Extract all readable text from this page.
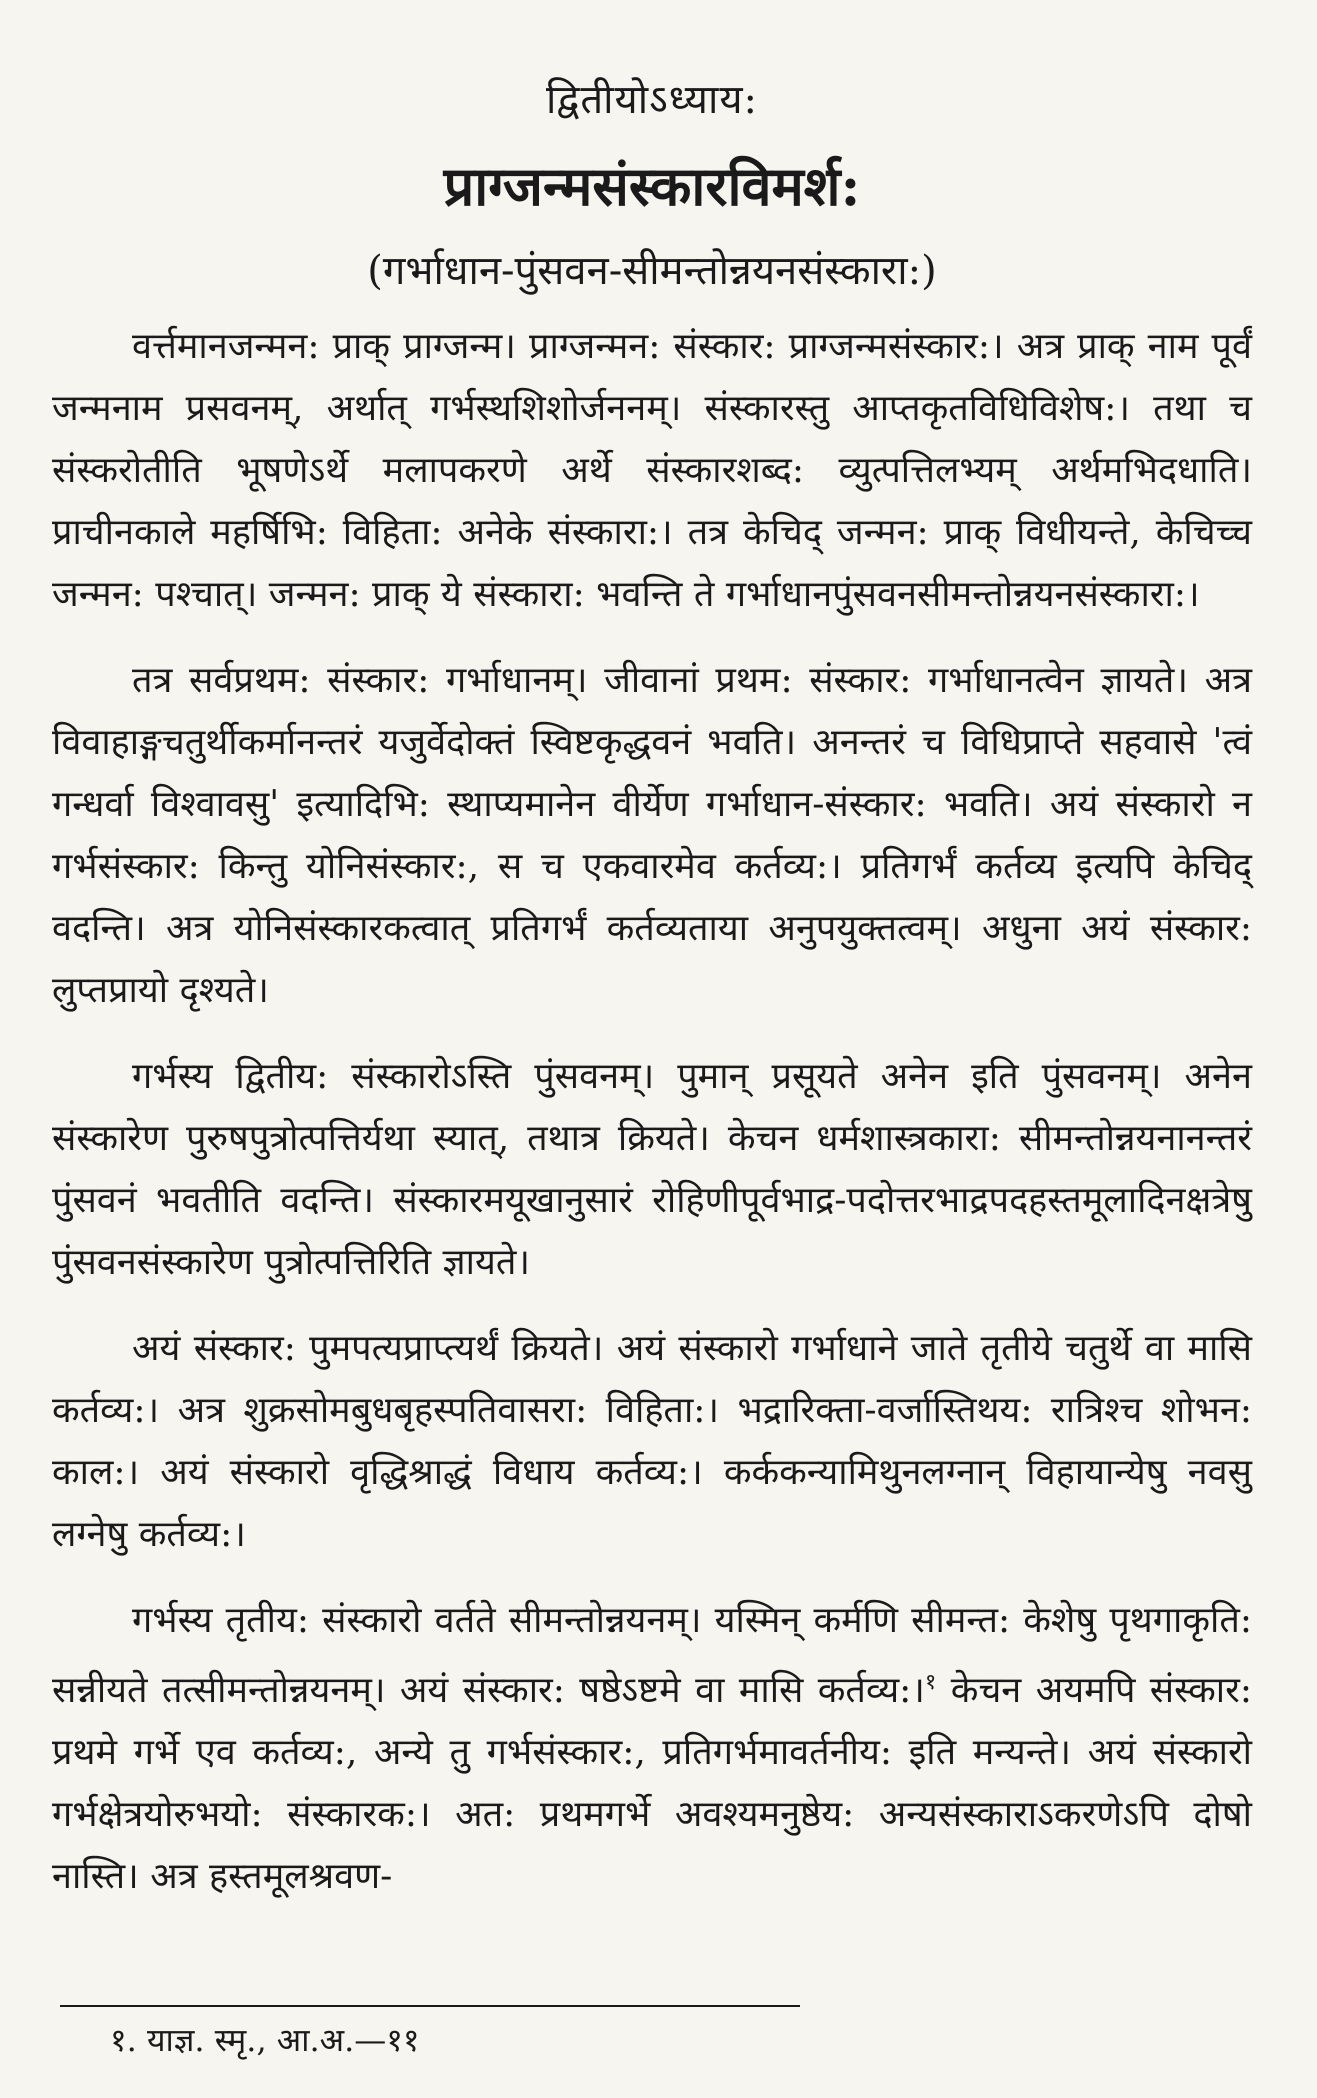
द्वितीयोऽध्याय:
प्राग्जन्मसंस्कारविमर्श:
(गर्भाधान-पुंसवन-सीमन्तोन्नयनसंस्कारा:)

वर्त्तमानजन्मन: प्राक् प्राग्जन्म। प्राग्जन्मन: संस्कार: प्राग्जन्मसंस्कार:। अत्र प्राक् नाम पूर्वं जन्मनाम प्रसवनम्, अर्थात् गर्भस्थशिशोर्जननम्। संस्कारस्तु आप्तकृतविधिविशेष:। तथा च संस्करोतीति भूषणेऽर्थे मलापकरणे अर्थे संस्कारशब्द: व्युत्पत्तिलभ्यम् अर्थमभिदधाति। प्राचीनकाले महर्षिभि: विहिता: अनेके संस्कारा:। तत्र केचिद् जन्मन: प्राक् विधीयन्ते, केचिच्च जन्मन: पश्चात्। जन्मन: प्राक् ये संस्कारा: भवन्ति ते गर्भाधानपुंसवनसीमन्तोन्नयनसंस्कारा:।

तत्र सर्वप्रथम: संस्कार: गर्भाधानम्। जीवानां प्रथम: संस्कार: गर्भाधानत्वेन ज्ञायते। अत्र विवाहाङ्गचतुर्थीकर्मानन्तरं यजुर्वेदोक्तं स्विष्टकृद्धवनं भवति। अनन्तरं च विधिप्राप्ते सहवासे 'त्वं गन्धर्वा विश्वावसु' इत्यादिभि: स्थाप्यमानेन वीर्येण गर्भाधान-संस्कार: भवति। अयं संस्कारो न गर्भसंस्कार: किन्तु योनिसंस्कार:, स च एकवारमेव कर्तव्य:। प्रतिगर्भं कर्तव्य इत्यपि केचिद् वदन्ति। अत्र योनिसंस्कारकत्वात् प्रतिगर्भं कर्तव्यताया अनुपयुक्तत्वम्। अधुना अयं संस्कार: लुप्तप्रायो दृश्यते।

गर्भस्य द्वितीय: संस्कारोऽस्ति पुंसवनम्। पुमान् प्रसूयते अनेन इति पुंसवनम्। अनेन संस्कारेण पुरुषपुत्रोत्पत्तिर्यथा स्यात्, तथात्र क्रियते। केचन धर्मशास्त्रकारा: सीमन्तोन्नयनानन्तरं पुंसवनं भवतीति वदन्ति। संस्कारमयूखानुसारं रोहिणीपूर्वभाद्र-पदोत्तरभाद्रपदहस्तमूलादिनक्षत्रेषु पुंसवनसंस्कारेण पुत्रोत्पत्तिरिति ज्ञायते।

अयं संस्कार: पुमपत्यप्राप्त्यर्थं क्रियते। अयं संस्कारो गर्भाधाने जाते तृतीये चतुर्थे वा मासि कर्तव्य:। अत्र शुक्रसोमबुधबृहस्पतिवासरा: विहिता:। भद्रारिक्ता-वर्जास्तिथय: रात्रिश्च शोभन: काल:। अयं संस्कारो वृद्धिश्राद्धं विधाय कर्तव्य:। कर्ककन्यामिथुनलग्नान् विहायान्येषु नवसु लग्नेषु कर्तव्य:।

गर्भस्य तृतीय: संस्कारो वर्तते सीमन्तोन्नयनम्। यस्मिन् कर्मणि सीमन्त: केशेषु पृथगाकृति: सन्नीयते तत्सीमन्तोन्नयनम्। अयं संस्कार: षष्ठेऽष्टमे वा मासि कर्तव्य:।$^१$ केचन अयमपि संस्कार: प्रथमे गर्भे एव कर्तव्य:, अन्ये तु गर्भसंस्कार:, प्रतिगर्भमावर्तनीय: इति मन्यन्ते। अयं संस्कारो गर्भक्षेत्रयोरुभयो: संस्कारक:। अत: प्रथमगर्भे अवश्यमनुष्ठेय: अन्यसंस्काराऽकरणेऽपि दोषो नास्ति। अत्र हस्तमूलश्रवण-

१. याज्ञ. स्मृ., आ.अ.—११
